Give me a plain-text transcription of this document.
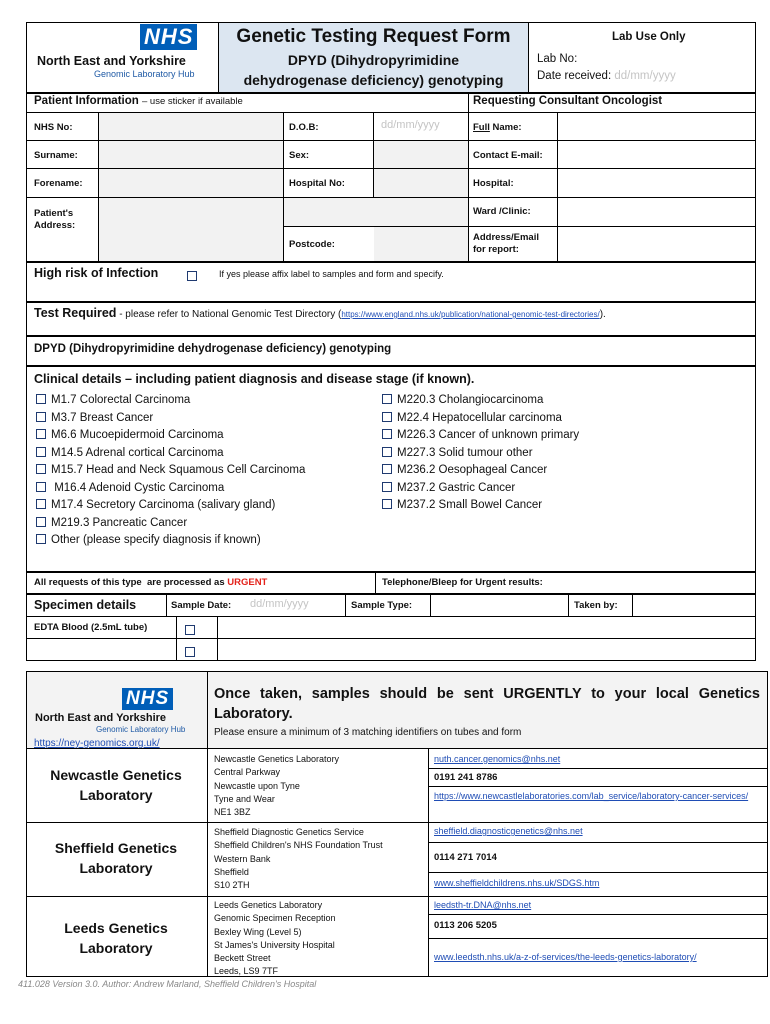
NHS
North East and Yorkshire
Genomic Laboratory Hub
Genetic Testing Request Form
DPYD (Dihydropyrimidine
dehydrogenase deficiency) genotyping
Lab Use Only
Lab No:
Date received: dd/mm/yyyy
Patient Information – use sticker if available	Requesting Consultant Oncologist
NHS No:
Surname:
Forename:
Patient's Address:
D.O.B:	dd/mm/yyyy
Sex:
Hospital No:
Postcode:
Full Name:
Contact E-mail:
Hospital:
Ward /Clinic:
Address/Email for report:
High risk of Infection	If yes please affix label to samples and form and specify.
Test Required - please refer to National Genomic Test Directory (https://www.england.nhs.uk/publication/national-genomic-test-directories/).
DPYD (Dihydropyrimidine dehydrogenase deficiency) genotyping
Clinical details – including patient diagnosis and disease stage (if known).
M1.7 Colorectal Carcinoma
M3.7 Breast Cancer
M6.6 Mucoepidermoid Carcinoma
M14.5 Adrenal cortical Carcinoma
M15.7 Head and Neck Squamous Cell Carcinoma
M16.4 Adenoid Cystic Carcinoma
M17.4 Secretory Carcinoma (salivary gland)
M219.3 Pancreatic Cancer
Other (please specify diagnosis if known)
M220.3 Cholangiocarcinoma
M22.4 Hepatocellular carcinoma
M226.3 Cancer of unknown primary
M227.3 Solid tumour other
M236.2 Oesophageal Cancer
M237.2 Gastric Cancer
M237.2 Small Bowel Cancer
All requests of this type  are processed as URGENT	Telephone/Bleep for Urgent results:
Specimen details	Sample Date: dd/mm/yyyy	Sample Type:	Taken by:
EDTA Blood (2.5mL tube)
NHS
North East and Yorkshire
Genomic Laboratory Hub
https://ney-genomics.org.uk/
Once taken, samples should be sent URGENTLY to your local Genetics Laboratory.
Please ensure a minimum of 3 matching identifiers on tubes and form
Newcastle Genetics Laboratory
Newcastle Genetics Laboratory
Central Parkway
Newcastle upon Tyne
Tyne and Wear
NE1 3BZ
nuth.cancer.genomics@nhs.net
0191 241 8786
https://www.newcastlelaboratories.com/lab_service/laboratory-cancer-services/
Sheffield Genetics Laboratory
Sheffield Diagnostic Genetics Service
Sheffield Children's NHS Foundation Trust
Western Bank
Sheffield
S10 2TH
sheffield.diagnosticgenetics@nhs.net
0114 271 7014
www.sheffieldchildrens.nhs.uk/SDGS.htm
Leeds Genetics Laboratory
Leeds Genetics Laboratory
Genomic Specimen Reception
Bexley Wing (Level 5)
St James's University Hospital
Beckett Street
Leeds, LS9 7TF
leedsth-tr.DNA@nhs.net
0113 206 5205
www.leedsth.nhs.uk/a-z-of-services/the-leeds-genetics-laboratory/
411.028 Version 3.0. Author: Andrew Marland, Sheffield Children's Hospital
